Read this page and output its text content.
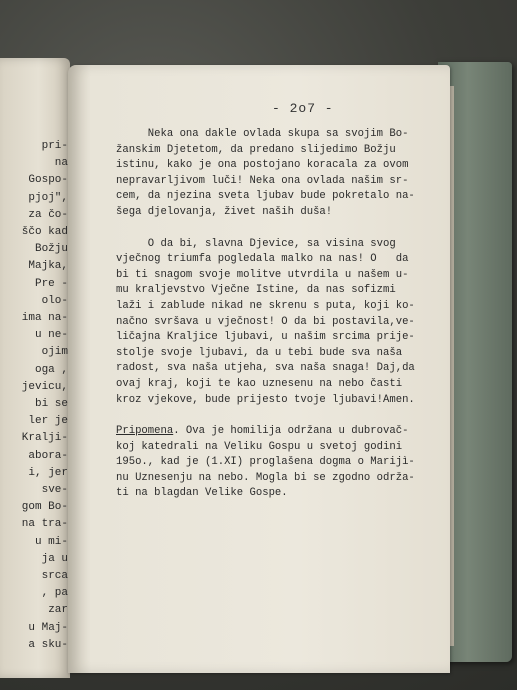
pri-
na
Gospo-
pjoj",
za čo-
ščo kad
Božju
Majka,
Pre -
olo-
ima na-
u ne-
ojim
oga ,
jevicu,
bi se
ler je
Kralji-
abora-
i, jer
sve-
gom Bo-
na tra-
u mi-
ja u
srca
, pa
zar
u Maj-
a sku-
- 2o7 -
Neka ona dakle ovlada skupa sa svojim Bo-
žanskim Djetetom, da predano slijedimo Božju
istinu, kako je ona postojano koracala za ovom
nepravarljivom luči! Neka ona ovlada našim sr-
cem, da njezina sveta ljubav bude pokretalo na-
šega djelovanja, živet naših duša!
O da bi, slavna Djevice, sa visina svog
vječnog triumfa pogledala malko na nas! O   da
bi ti snagom svoje molitve utvrdila u našem u-
mu kraljevstvo Vječne Istine, da nas sofizmi
laži i zablude nikad ne skrenu s puta, koji ko-
načno svršava u vječnost! O da bi postavila,ve-
ličajna Kraljice ljubavi, u našim srcima prije-
stolje svoje ljubavi, da u tebi bude sva naša
radost, sva naša utjeha, sva naša snaga! Daj,da
ovaj kraj, koji te kao uznesenu na nebo časti
kroz vjekove, bude prijesto tvoje ljubavi!Amen.
Pripomena. Ova je homilija održana u dubrovač-
koj katedrali na Veliku Gospu u svetoj godini
195o., kad je (1.XI) proglašena dogma o Marijì-
nu Uznesenju na nebo. Mogla bi se zgodno održa-
ti na blagdan Velike Gospe.
